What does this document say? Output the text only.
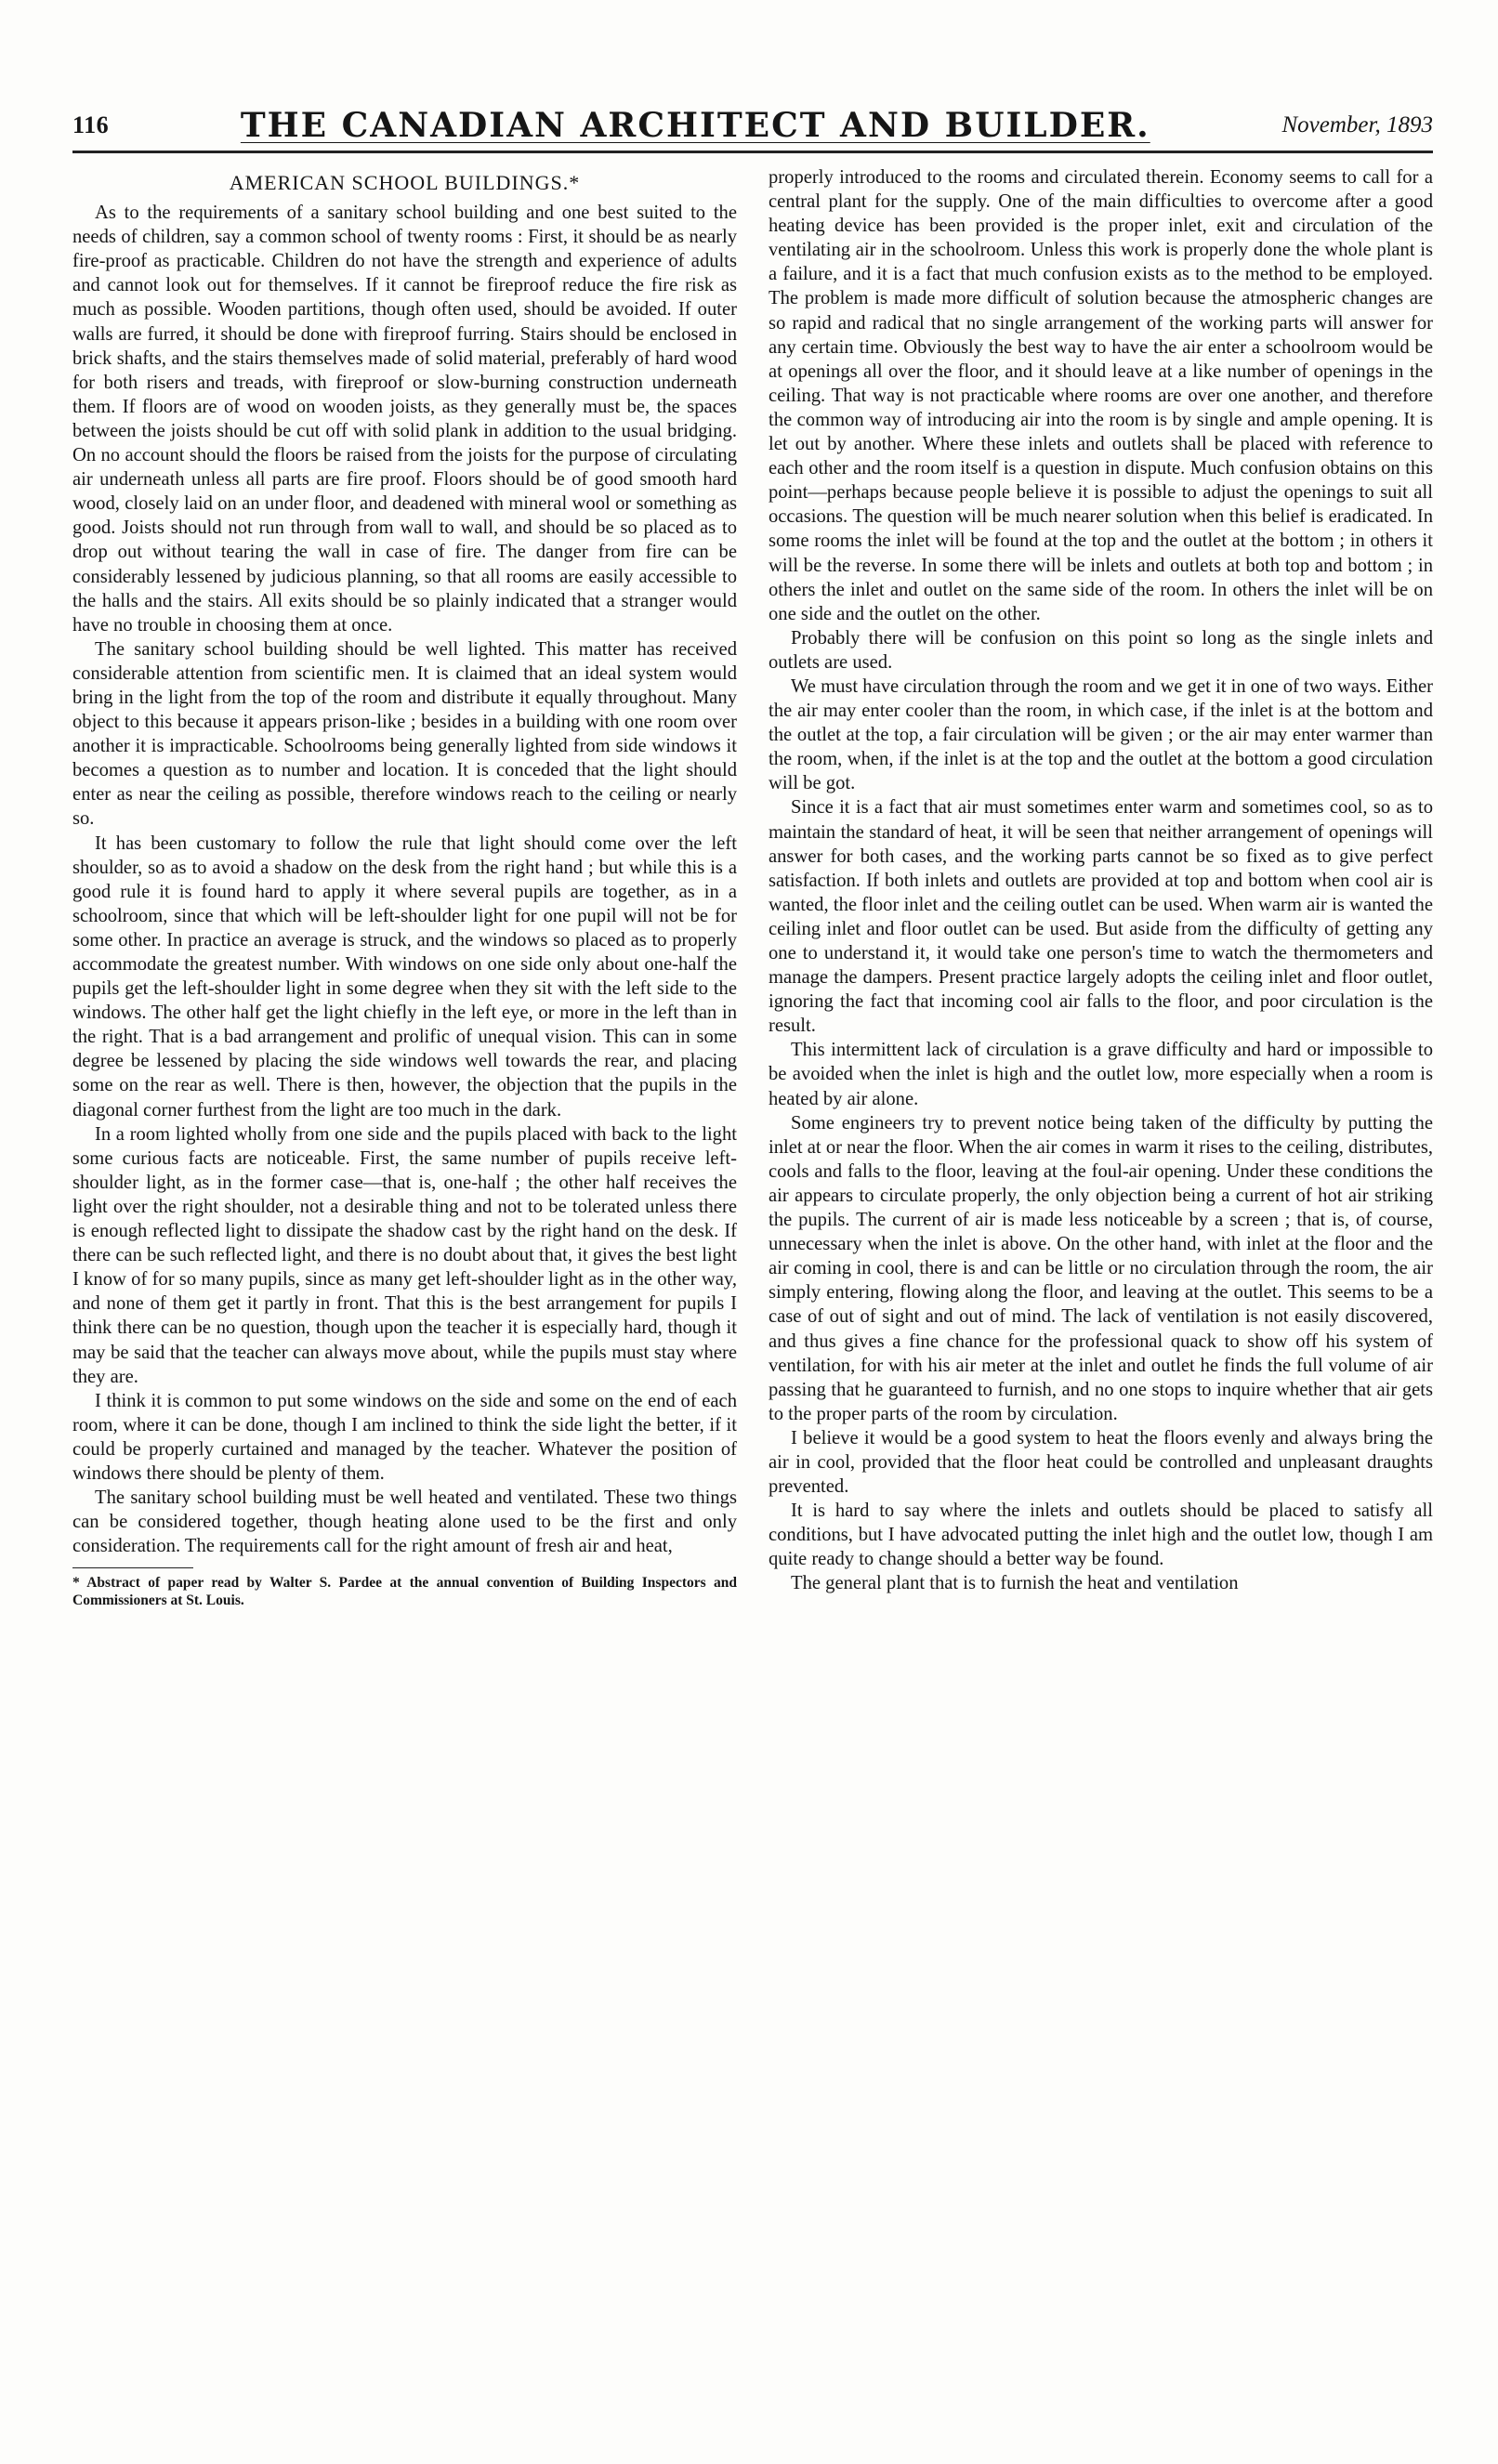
116	THE CANADIAN ARCHITECT AND BUILDER.	November, 1893
AMERICAN SCHOOL BUILDINGS.*

As to the requirements of a sanitary school building and one best suited to the needs of children, say a common school of twenty rooms : First, it should be as nearly fire-proof as practicable. Children do not have the strength and experience of adults and cannot look out for themselves. If it cannot be fireproof reduce the fire risk as much as possible. Wooden partitions, though often used, should be avoided. If outer walls are furred, it should be done with fireproof furring. Stairs should be enclosed in brick shafts, and the stairs themselves made of solid material, preferably of hard wood for both risers and treads, with fireproof or slow-burning construction underneath them. If floors are of wood on wooden joists, as they generally must be, the spaces between the joists should be cut off with solid plank in addition to the usual bridging. On no account should the floors be raised from the joists for the purpose of circulating air underneath unless all parts are fire proof. Floors should be of good smooth hard wood, closely laid on an under floor, and deadened with mineral wool or something as good. Joists should not run through from wall to wall, and should be so placed as to drop out without tearing the wall in case of fire. The danger from fire can be considerably lessened by judicious planning, so that all rooms are easily accessible to the halls and the stairs. All exits should be so plainly indicated that a stranger would have no trouble in choosing them at once.

The sanitary school building should be well lighted. This matter has received considerable attention from scientific men. It is claimed that an ideal system would bring in the light from the top of the room and distribute it equally throughout. Many object to this because it appears prison-like ; besides in a building with one room over another it is impracticable. Schoolrooms being generally lighted from side windows it becomes a question as to number and location. It is conceded that the light should enter as near the ceiling as possible, therefore windows reach to the ceiling or nearly so.

It has been customary to follow the rule that light should come over the left shoulder, so as to avoid a shadow on the desk from the right hand ; but while this is a good rule it is found hard to apply it where several pupils are together, as in a schoolroom, since that which will be left-shoulder light for one pupil will not be for some other. In practice an average is struck, and the windows so placed as to properly accommodate the greatest number. With windows on one side only about one-half the pupils get the left-shoulder light in some degree when they sit with the left side to the windows. The other half get the light chiefly in the left eye, or more in the left than in the right. That is a bad arrangement and prolific of unequal vision. This can in some degree be lessened by placing the side windows well towards the rear, and placing some on the rear as well. There is then, however, the objection that the pupils in the diagonal corner furthest from the light are too much in the dark.

In a room lighted wholly from one side and the pupils placed with back to the light some curious facts are noticeable. First, the same number of pupils receive left-shoulder light, as in the former case—that is, one-half ; the other half receives the light over the right shoulder, not a desirable thing and not to be tolerated unless there is enough reflected light to dissipate the shadow cast by the right hand on the desk. If there can be such reflected light, and there is no doubt about that, it gives the best light I know of for so many pupils, since as many get left-shoulder light as in the other way, and none of them get it partly in front. That this is the best arrangement for pupils I think there can be no question, though upon the teacher it is especially hard, though it may be said that the teacher can always move about, while the pupils must stay where they are.

I think it is common to put some windows on the side and some on the end of each room, where it can be done, though I am inclined to think the side light the better, if it could be properly curtained and managed by the teacher. Whatever the position of windows there should be plenty of them.

The sanitary school building must be well heated and ventilated. These two things can be considered together, though heating alone used to be the first and only consideration. The requirements call for the right amount of fresh air and heat,

* Abstract of paper read by Walter S. Pardee at the annual convention of Building Inspectors and Commissioners at St. Louis.

properly introduced to the rooms and circulated therein. Economy seems to call for a central plant for the supply. One of the main difficulties to overcome after a good heating device has been provided is the proper inlet, exit and circulation of the ventilating air in the schoolroom. Unless this work is properly done the whole plant is a failure, and it is a fact that much confusion exists as to the method to be employed. The problem is made more difficult of solution because the atmospheric changes are so rapid and radical that no single arrangement of the working parts will answer for any certain time. Obviously the best way to have the air enter a schoolroom would be at openings all over the floor, and it should leave at a like number of openings in the ceiling. That way is not practicable where rooms are over one another, and therefore the common way of introducing air into the room is by single and ample opening. It is let out by another. Where these inlets and outlets shall be placed with reference to each other and the room itself is a question in dispute. Much confusion obtains on this point—perhaps because people believe it is possible to adjust the openings to suit all occasions. The question will be much nearer solution when this belief is eradicated. In some rooms the inlet will be found at the top and the outlet at the bottom ; in others it will be the reverse. In some there will be inlets and outlets at both top and bottom ; in others the inlet and outlet on the same side of the room. In others the inlet will be on one side and the outlet on the other.

Probably there will be confusion on this point so long as the single inlets and outlets are used.

We must have circulation through the room and we get it in one of two ways. Either the air may enter cooler than the room, in which case, if the inlet is at the bottom and the outlet at the top, a fair circulation will be given ; or the air may enter warmer than the room, when, if the inlet is at the top and the outlet at the bottom a good circulation will be got.

Since it is a fact that air must sometimes enter warm and sometimes cool, so as to maintain the standard of heat, it will be seen that neither arrangement of openings will answer for both cases, and the working parts cannot be so fixed as to give perfect satisfaction. If both inlets and outlets are provided at top and bottom when cool air is wanted, the floor inlet and the ceiling outlet can be used. When warm air is wanted the ceiling inlet and floor outlet can be used. But aside from the difficulty of getting any one to understand it, it would take one person's time to watch the thermometers and manage the dampers. Present practice largely adopts the ceiling inlet and floor outlet, ignoring the fact that incoming cool air falls to the floor, and poor circulation is the result.

This intermittent lack of circulation is a grave difficulty and hard or impossible to be avoided when the inlet is high and the outlet low, more especially when a room is heated by air alone.

Some engineers try to prevent notice being taken of the difficulty by putting the inlet at or near the floor. When the air comes in warm it rises to the ceiling, distributes, cools and falls to the floor, leaving at the foul-air opening. Under these conditions the air appears to circulate properly, the only objection being a current of hot air striking the pupils. The current of air is made less noticeable by a screen ; that is, of course, unnecessary when the inlet is above. On the other hand, with inlet at the floor and the air coming in cool, there is and can be little or no circulation through the room, the air simply entering, flowing along the floor, and leaving at the outlet. This seems to be a case of out of sight and out of mind. The lack of ventilation is not easily discovered, and thus gives a fine chance for the professional quack to show off his system of ventilation, for with his air meter at the inlet and outlet he finds the full volume of air passing that he guaranteed to furnish, and no one stops to inquire whether that air gets to the proper parts of the room by circulation.

I believe it would be a good system to heat the floors evenly and always bring the air in cool, provided that the floor heat could be controlled and unpleasant draughts prevented.

It is hard to say where the inlets and outlets should be placed to satisfy all conditions, but I have advocated putting the inlet high and the outlet low, though I am quite ready to change should a better way be found.

The general plant that is to furnish the heat and ventilation
